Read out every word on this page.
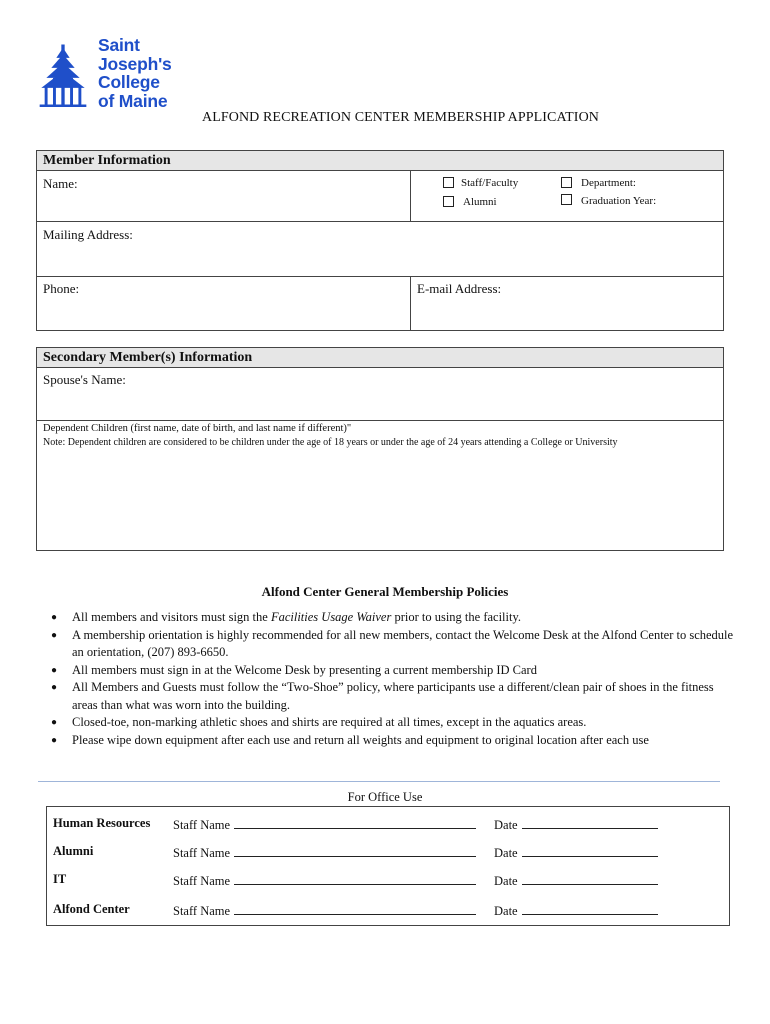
Saint
Joseph's
College
of Maine
ALFOND RECREATION CENTER MEMBERSHIP APPLICATION
Member Information
Name:	Staff/Faculty
Alumni
Department:
Graduation Year:
Mailing Address:
Phone:	E-mail Address:
Secondary Member(s) Information
Spouse's Name:
Dependent Children (first name, date of birth, and last name if different)"
Note: Dependent children are considered to be children under the age of 18 years or under the age of 24 years attending a College or University
Alfond Center General Membership Policies

● All members and visitors must sign the Facilities Usage Waiver prior to using the facility.

● A membership orientation is highly recommended for all new members, contact the Welcome Desk at the Alfond Center to schedule an orientation, (207) 893-6650.

● All members must sign in at the Welcome Desk by presenting a current membership ID Card

● All Members and Guests must follow the “Two-Shoe” policy, where participants use a different/clean pair of shoes in the fitness areas than what was worn into the building.

● Closed-toe, non-marking athletic shoes and shirts are required at all times, except in the aquatics areas.

● Please wipe down equipment after each use and return all weights and equipment to original location after each use

For Office Use
Human Resources Staff Name	Date
Alumni	Staff Name	Date
IT	Staff Name	Date
Alfond Center	Staff Name	Date
